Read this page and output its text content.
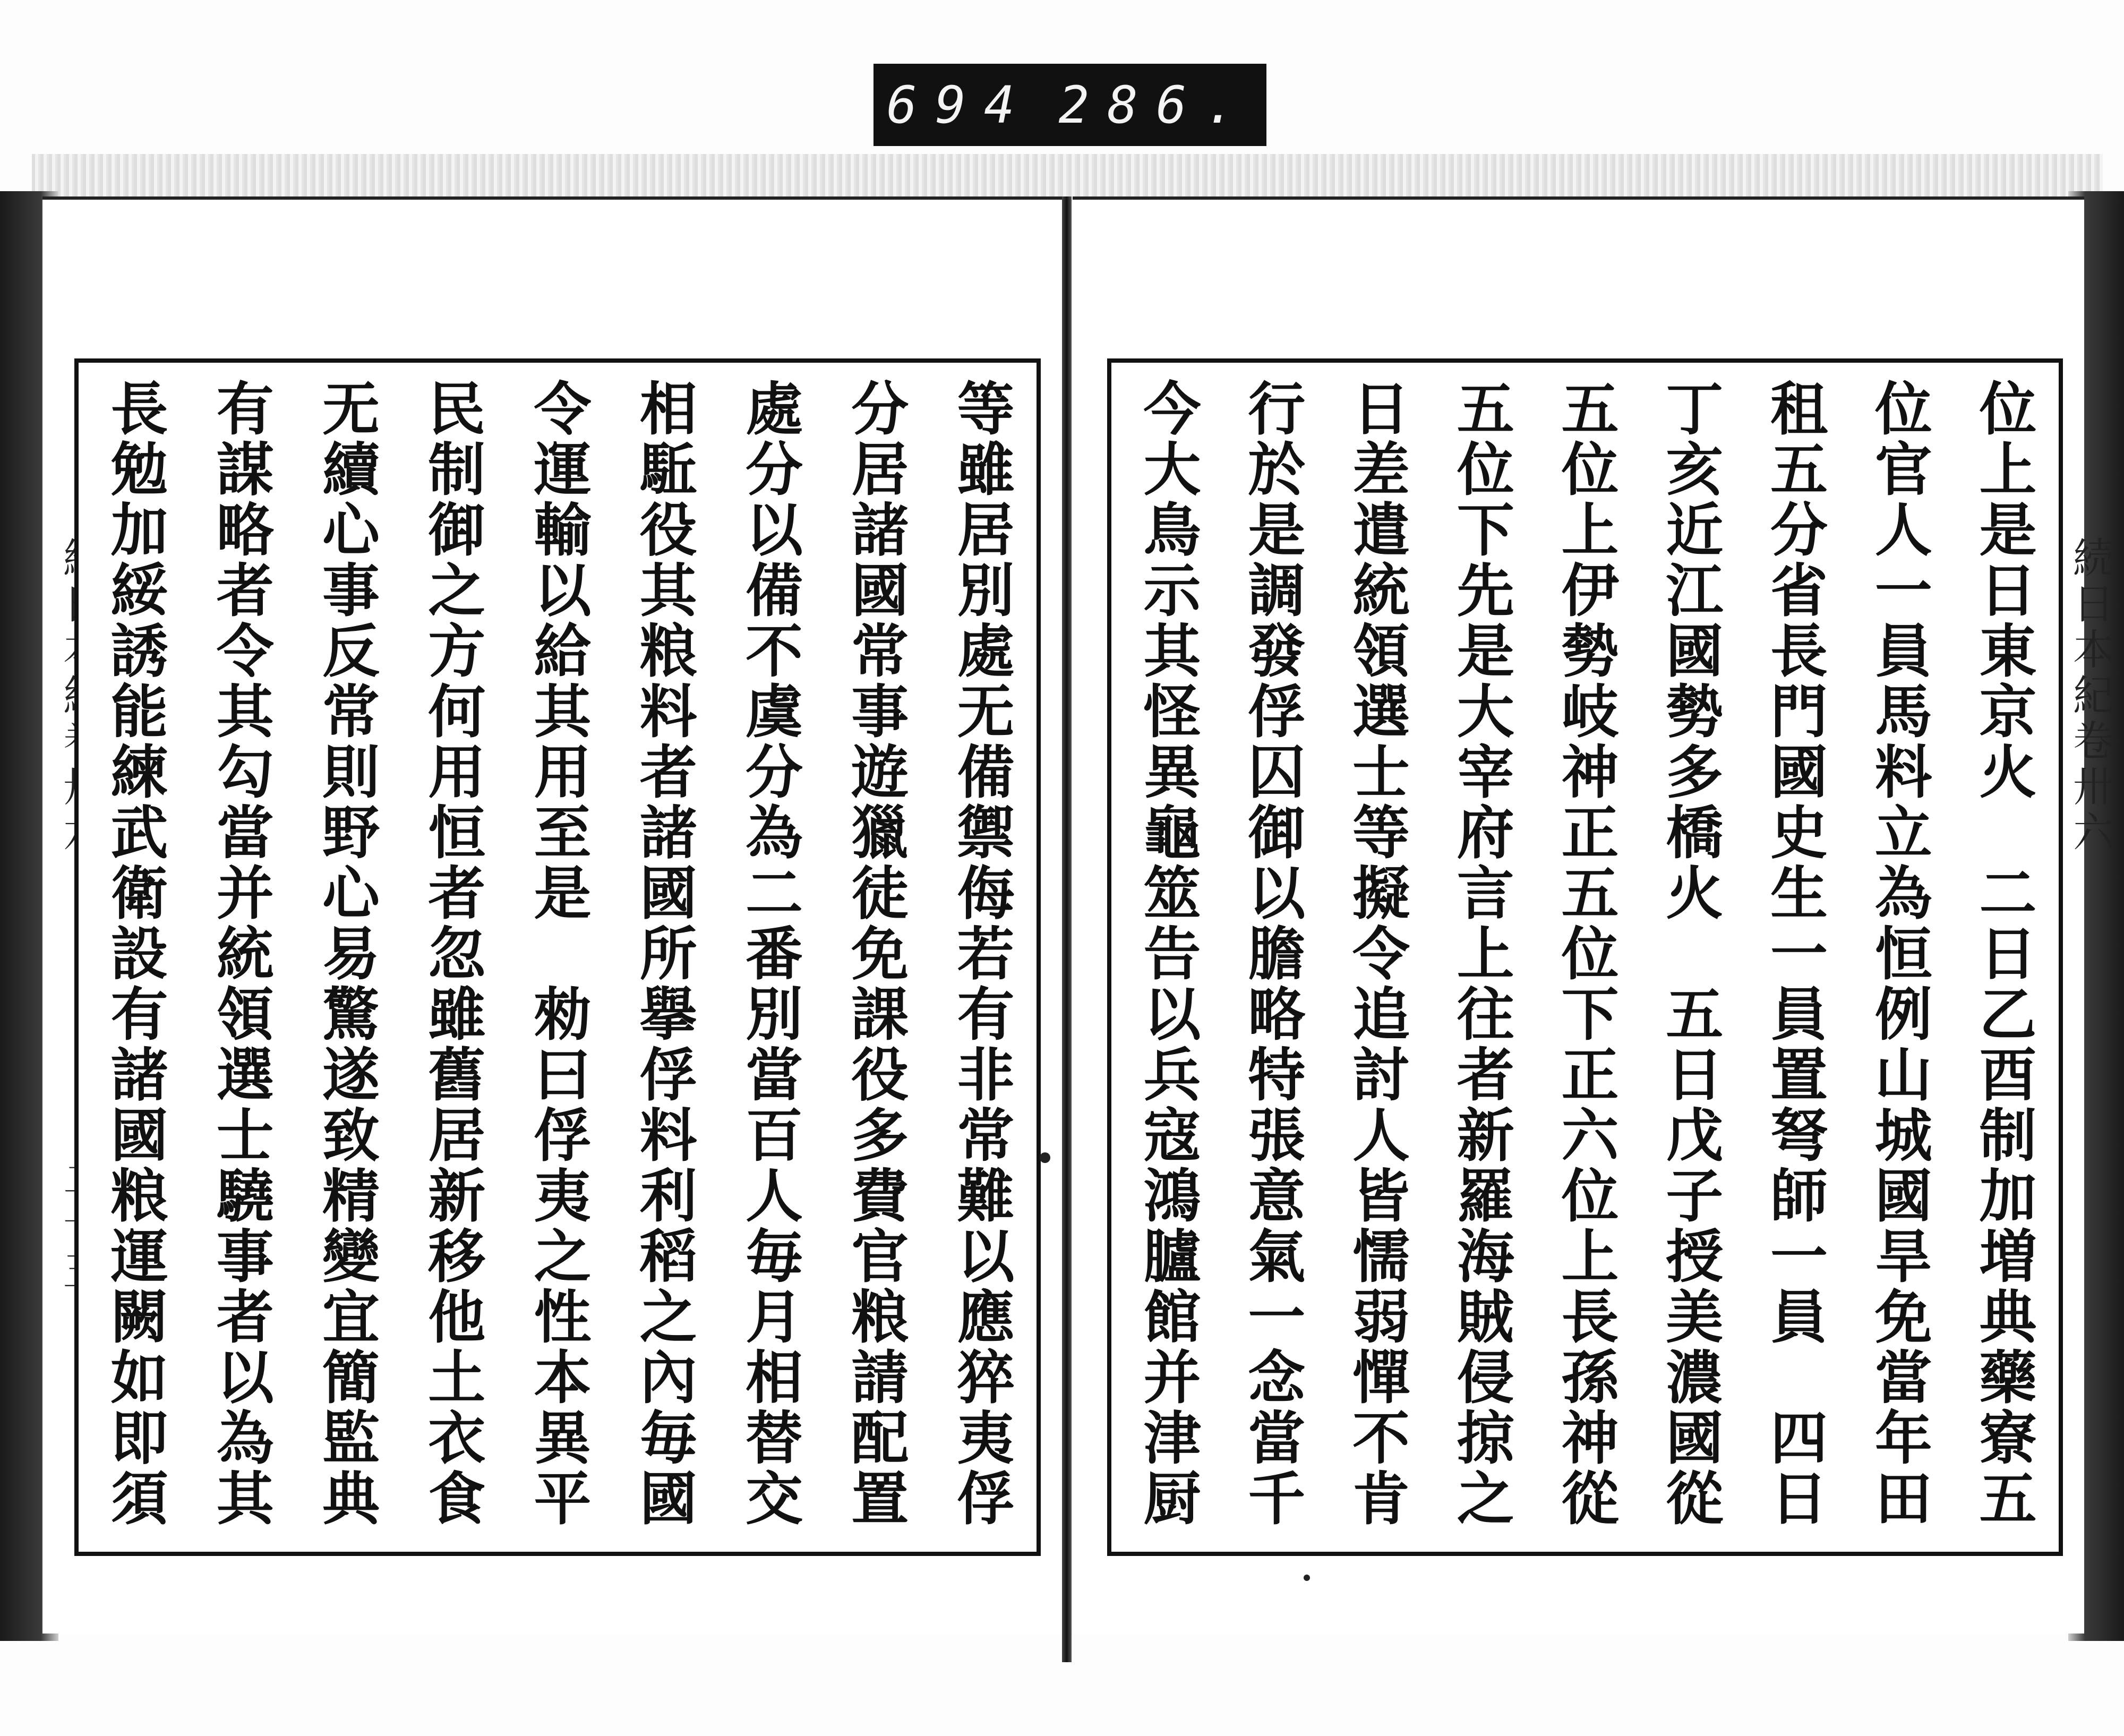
694 286.
続日本紀卷卅六
等雖居別處无備禦侮若有非常難以應猝夷俘
分居諸國常事遊獵徒免課役多費官粮請配置
處分以備不虞分為二番別當百人毎月相替交
相駈役其粮料者諸國所擧俘料利稻之內毎國
令運輸以給其用至是　勑曰俘夷之性本異平
民制御之方何用恒者忽雖舊居新移他土衣食
无續心事反常則野心易驚遂致精變宜簡監典
有謀略者令其勾當并統領選士驍事者以為其
長勉加綏誘能練武衛設有諸國粮運闕如即須	位上是日東京火　二日乙酉制加増典藥寮五
位官人一員馬料立為恒例山城國旱免當年田
租五分省長門國史生一員置弩師一員　四日
丁亥近江國勢多橋火　五日戊子授美濃國從
五位上伊勢岐神正五位下正六位上長孫神從
五位下先是大宰府言上往者新羅海賊侵掠之
日差遣統領選士等擬令追討人皆懦弱憚不肯
行於是調發俘囚御以膽略特張意氣一念當千
今大鳥示其怪異龜筮告以兵寇鴻臚館并津厨
